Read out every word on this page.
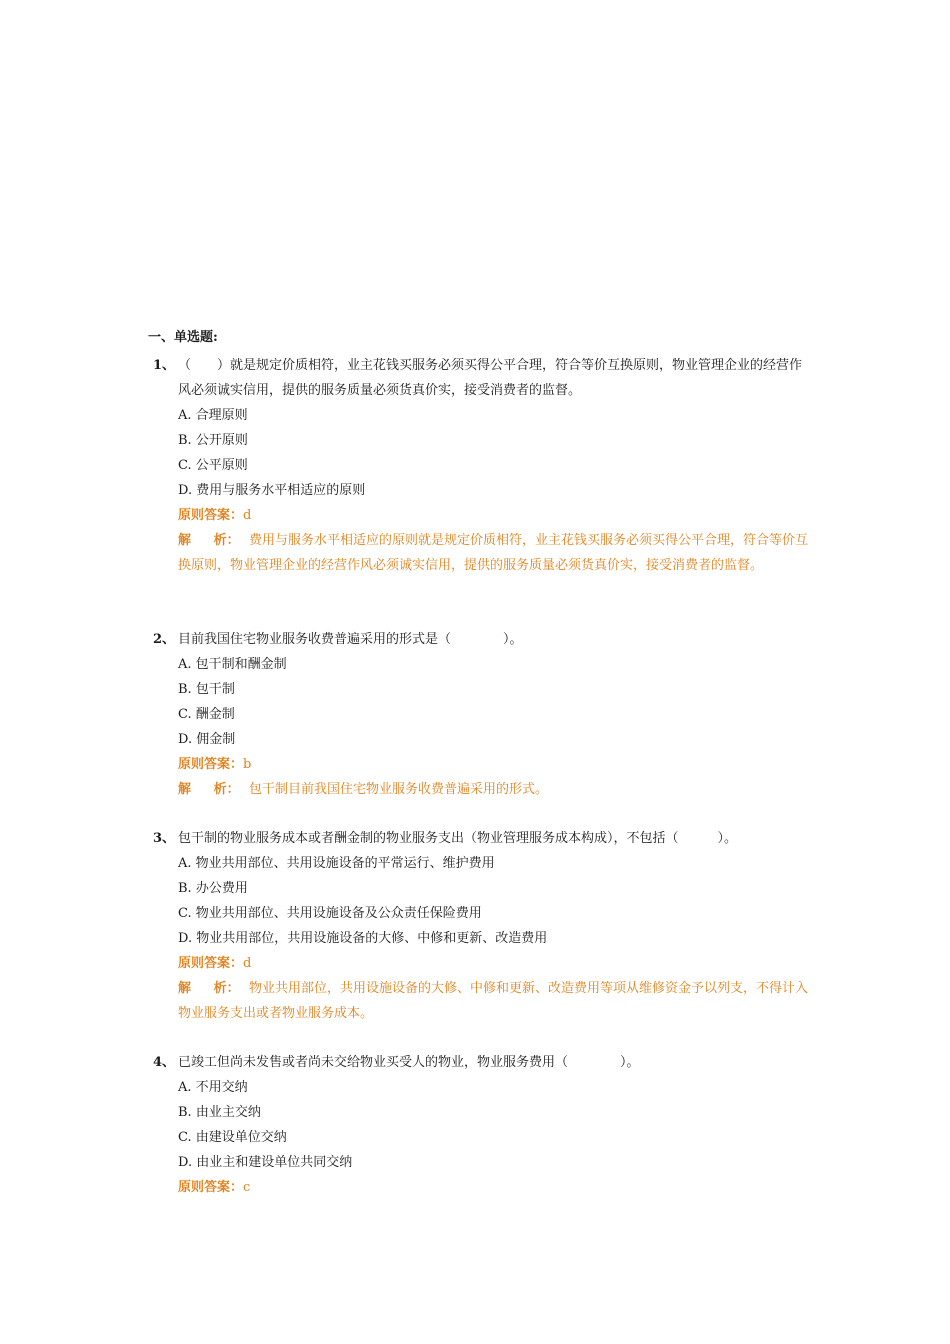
一、单选题:
1、 （　　）就是规定价质相符，业主花钱买服务必须买得公平合理，符合等价互换原则，物业管理企业的经营作风必须诚实信用，提供的服务质量必须货真价实，接受消费者的监督。
A. 合理原则
B. 公开原则
C. 公平原则
D. 费用与服务水平相适应的原则
原则答案：d
解 析： 费用与服务水平相适应的原则就是规定价质相符，业主花钱买服务必须买得公平合理，符合等价互换原则，物业管理企业的经营作风必须诚实信用，提供的服务质量必须货真价实，接受消费者的监督。
2、 目前我国住宅物业服务收费普遍采用的形式是（　　　　）。
A. 包干制和酬金制
B. 包干制
C. 酬金制
D. 佣金制
原则答案：b
解 析： 包干制目前我国住宅物业服务收费普遍采用的形式。
3、 包干制的物业服务成本或者酬金制的物业服务支出（物业管理服务成本构成），不包括（　　　）。
A. 物业共用部位、共用设施设备的平常运行、维护费用
B. 办公费用
C. 物业共用部位、共用设施设备及公众责任保险费用
D. 物业共用部位，共用设施设备的大修、中修和更新、改造费用
原则答案：d
解 析： 物业共用部位，共用设施设备的大修、中修和更新、改造费用等项从维修资金予以列支，不得计入物业服务支出或者物业服务成本。
4、 已竣工但尚未发售或者尚未交给物业买受人的物业，物业服务费用（　　　　）。
A. 不用交纳
B. 由业主交纳
C. 由建设单位交纳
D. 由业主和建设单位共同交纳
原则答案：c
